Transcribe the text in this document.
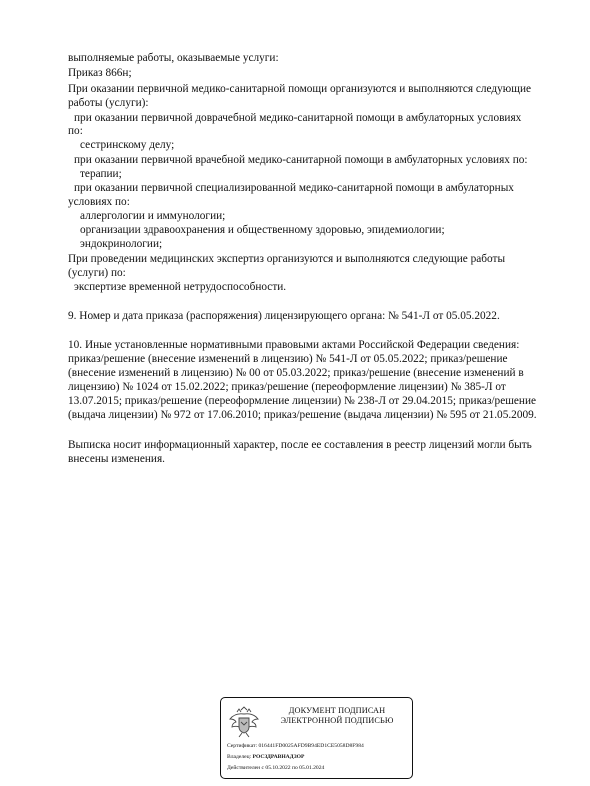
выполняемые работы, оказываемые услуги:
Приказ 866н;
При оказании первичной медико-санитарной помощи организуются и выполняются следующие
работы (услуги):
при оказании первичной доврачебной медико-санитарной помощи в амбулаторных условиях
по:
сестринскому делу;
при оказании первичной врачебной медико-санитарной помощи в амбулаторных условиях по:
терапии;
при оказании первичной специализированной медико-санитарной помощи в амбулаторных
условиях по:
аллергологии и иммунологии;
организации здравоохранения и общественному здоровью, эпидемиологии;
эндокринологии;
При проведении медицинских экспертиз организуются и выполняются следующие работы
(услуги) по:
экспертизе временной нетрудоспособности.
9. Номер и дата приказа (распоряжения) лицензирующего органа: № 541-Л от 05.05.2022.
10. Иные установленные нормативными правовыми актами Российской Федерации сведения:
приказ/решение (внесение изменений в лицензию) № 541-Л от 05.05.2022; приказ/решение
(внесение изменений в лицензию) № 00 от 05.03.2022; приказ/решение (внесение изменений в
лицензию) № 1024 от 15.02.2022; приказ/решение (переоформление лицензии) № 385-Л от
13.07.2015; приказ/решение (переоформление лицензии) № 238-Л от 29.04.2015; приказ/решение
(выдача лицензии) № 972 от 17.06.2010; приказ/решение (выдача лицензии) № 595 от 21.05.2009.
Выписка носит информационный характер, после ее составления в реестр лицензий могли быть
внесены изменения.
ДОКУМЕНТ ПОДПИСАН
ЭЛЕКТРОННОЙ ПОДПИСЬЮ
Сертификат: 016441FD0025AFD9B94ED1CE5058D8F984
Владелец: РОСЗДРАВНАДЗОР
Действителен с 05.10.2022 по 05.01.2024
